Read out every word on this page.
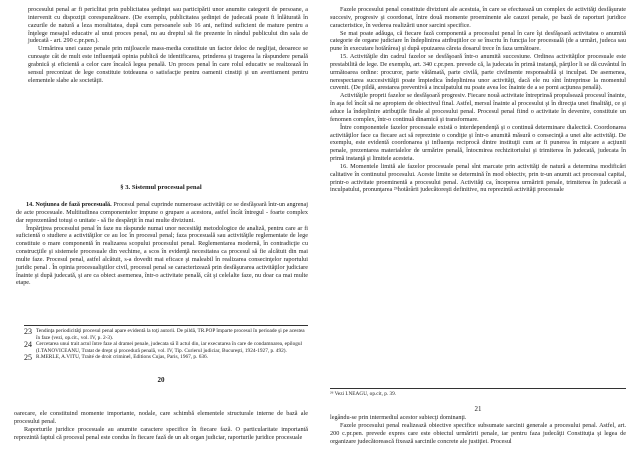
procesului penal ar fi periclitat prin publicitatea şedinţei sau participării unor anumite categorii de persoane, a intervenit cu dispoziţii corespunzătoare. (De exemplu, publicitatea şedinţei de judecată poate fi înlăturată în cazurile de natură a leza moralitatea, după cum persoanele sub 16 ani, nefiind suficient de mature pentru a înţelege mesajul educativ al unui proces penal, nu au dreptul să fie prezente în rândul publicului din sala de judecată - art. 290 c.pr.pen.).

Urmărirea unei cauze penale prin mijloacele mass-media constituie un factor deloc de neglijat, deoarece se cunoaşte cât de mult este influenţată opinia publică de identificarea, prinderea şi tragerea la răspundere penală grabnică şi eficientă a celor care încalcă legea penală. Un proces penal în care rolul educativ se realizează în sensul preconizat de lege constituie totdeauna o satisfacţie pentru oamenii cinstiţi şi un avertisment pentru elementele slabe ale societăţii.

§ 3. Sistemul procesual penal

14. Noţiunea de fază procesuală. Procesul penal cuprinde numeroase activităţi ce se desfăşoară într-un angrenaj de acte procesuale. Multitudinea componentelor impune o grupare a acestora, astfel încât întregul - foarte complex dar reprezentând totuşi o unitate - să fie despărţit în mai multe diviziuni.

Împărţirea procesului penal în faze nu răspunde numai unor necesităţi metodologice de analiză, pentru care ar fi suficientă o studiere a activităţilor ce au loc în procesul penal; faza procesuală sau activităţile reglementate de lege constituie o mare componentă în realizarea scopului procesului penal. Reglementarea modernă, în contradicţie cu construcţiile şi sistemele procesuale din vechime, a scos în evidenţă necesitatea ca procesul să fie alcătuit din mai multe faze. Procesul penal, astfel alcătuit, s-a dovedit mai eficace şi maleabil în realizarea consecinţelor raportului juridic penal . În opinia procesualiştilor civil, procesul penal se caracterizează prin desfăşurarea activităţilor judiciare înainte şi după judecată, şi are ca obiect asemenea, într-o activitate penală, cât şi celelalte faze, nu doar ca mai multe etape.

23 Tendinţa periodicităţi procesul penal apare evidentă la toţi autorii. De pildă, TR.POP împarte procesul în perioade şi pe acestea în faze (vezi, op.cit., vol. IV, p. 2-3).
24 Cercetarea unui trait actul între faze al dramei penale, judecata să îl actul din, iar executarea în care de condamnarea, epilogul (I.TANOVICEANU, Tratat de drept şi procedură penală, vol. IV, Tip. Curierul judiciar, Bucureşti, 1924-1927, p. 492).
25 R.MERLE, A.VITU, Traité de droit criminel, Editions Cujas, Paris, 1967, p. 636.
20

oarecare, ele constituind momente importante, nodale, care schimbă elementele structurale interne de bază ale procesului penal.

Raporturile juridice procesuale au anumite caractere specifice în fiecare fază. O particularitate importantă reprezintă faptul că procesul penal este condus în fiecare fază de un alt organ judiciar, raporturile juridice procesuale

Fazele procesului penal constituie diviziuni ale acestuia, în care se efectuează un complex de activităţi desfăşurate succesiv, progresiv şi coordonat, între două momente proeminente ale cauzei penale, pe bază de raporturi juridice caracteristice, în vederea realizării unor sarcini specifice.

Se mai poate adăuga, că fiecare fază componentă a procesului penal în care îşi desfăşoară activitatea o anumită categorie de organe judiciare în îndeplinirea atribuţiilor ce se înscriu în funcţia lor procesuală (de a urmări, judeca sau pune în executare hotărârea) şi după epuizarea căreia dosarul trece în faza următoare.

15. Activităţile din cadrul fazelor se desfăşoară într-o anumită succesiune. Ordinea activităţilor procesuale este prestabilită de lege. De exemplu, art. 340 c.pr.pen. prevede că, la judecata în primă instanţă, părţilor li se dă cuvântul în următoarea ordine: procuror, parte vătămată, parte civilă, parte civilmente responsabilă şi inculpat. De asemenea, nerespectarea succesivităţii poate împiedica îndeplinirea unor activităţi, dacă ele nu sînt întreprinse la momentul cuvenit. (De pildă, arestarea preventivă a inculpatului nu poate avea loc înainte de a se porni acţiunea penală).

Activităţile proprii fazelor se desfăşoară progresiv. Fiecare nouă activitate întreprinsă propulsează procesul înainte, în aşa fel încât să ne apropiem de obiectivul final. Astfel, mersul înainte al procesului şi în direcţia unei finalităţi, ce şi aduce la îndeplinire atribuţiile finale al procesului penal. Procesul penal fiind o activitate în devenire, constituie un fenomen complex, într-o continuă dinamică şi transformare.

Între componentele fazelor procesuale există o interdependenţă şi o continuă determinare dialectică. Coordonarea activităţilor face ca fiecare act să reprezinte o condiţie şi într-o anumită măsură o consecinţă a unei alte activităţi. De exemplu, este evidentă coordonarea şi influenţa reciprocă dintre instituţii cum ar fi punerea în mişcare a acţiunii penale, prezentarea materialelor de urmărire penală, întocmirea rechizitoriului şi trimiterea în judecată, judecata în primă instanţă şi limitele acesteia.

16. Momentele limită ale fazelor procesuale penal sînt marcate prin activităţi de natură a determina modificări calitative în continutul procesului. Aceste limite se determină în mod obiectiv, prin tr-un anumit act procesual capital, printr-o activitate proeminentă a procesului penal. Activităţi ca, începerea urmăririi penale, trimiterea în judecată a inculpatului, pronunţarea ²⁶hotărârii judecătoreşti definitive, nu reprezintă activităţi procesuale

²⁶ Vezi I.NEAGU, op.cit, p. 39.
21

legându-se prin intermediul acestor subiecţi dominanţi.

Fazele procesului penal realizează obiective specifice subsumate sarcinii generale a procesului penal. Astfel, art. 200 c.pr.pen. prevede expres care este obiectul urmăririi penale, iar pentru faza judecăţii Constituţia şi legea de organizare judecătorească fixează sarcinile concrete ale justiţiei. Procesul
